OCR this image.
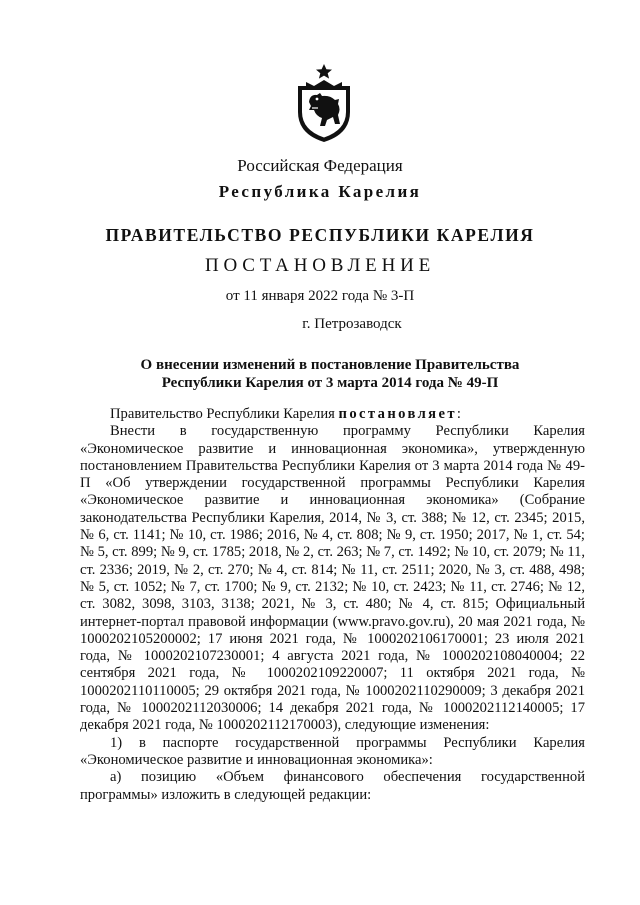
Российская Федерация
Республика Карелия
ПРАВИТЕЛЬСТВО РЕСПУБЛИКИ КАРЕЛИЯ
ПОСТАНОВЛЕНИЕ
от 11 января 2022 года № 3-П
г. Петрозаводск
О внесении изменений в постановление Правительства
Республики Карелия от 3 марта 2014 года № 49-П

Правительство Республики Карелия постановляет:

Внести в государственную программу Республики Карелия «Экономическое развитие и инновационная экономика», утвержденную постановлением Правительства Республики Карелия от 3 марта 2014 года № 49-П «Об утверждении государственной программы Республики Карелия «Экономическое развитие и инновационная экономика» (Собрание законодательства Республики Карелия, 2014, № 3, ст. 388; № 12, ст. 2345; 2015, № 6, ст. 1141; № 10, ст. 1986; 2016, № 4, ст. 808; № 9, ст. 1950; 2017, № 1, ст. 54; № 5, ст. 899; № 9, ст. 1785; 2018, № 2, ст. 263; № 7, ст. 1492; № 10, ст. 2079; № 11, ст. 2336; 2019, № 2, ст. 270; № 4, ст. 814; № 11, ст. 2511; 2020, № 3, ст. 488, 498; № 5, ст. 1052; № 7, ст. 1700; № 9, ст. 2132; № 10, ст. 2423; № 11, ст. 2746; № 12, ст. 3082, 3098, 3103, 3138; 2021, № 3, ст. 480; № 4, ст. 815; Официальный интернет-портал правовой информации (www.pravo.gov.ru), 20 мая 2021 года, № 1000202105200002; 17 июня 2021 года, № 1000202106170001; 23 июля 2021 года, № 1000202107230001; 4 августа 2021 года, № 1000202108040004; 22 сентября 2021 года, № 1000202109220007; 11 октября 2021 года, № 1000202110110005; 29 октября 2021 года, № 1000202110290009; 3 декабря 2021 года, № 1000202112030006; 14 декабря 2021 года, № 1000202112140005; 17 декабря 2021 года, № 1000202112170003), следующие изменения:

1) в паспорте государственной программы Республики Карелия «Экономическое развитие и инновационная экономика»:

а) позицию «Объем финансового обеспечения государственной программы» изложить в следующей редакции:
